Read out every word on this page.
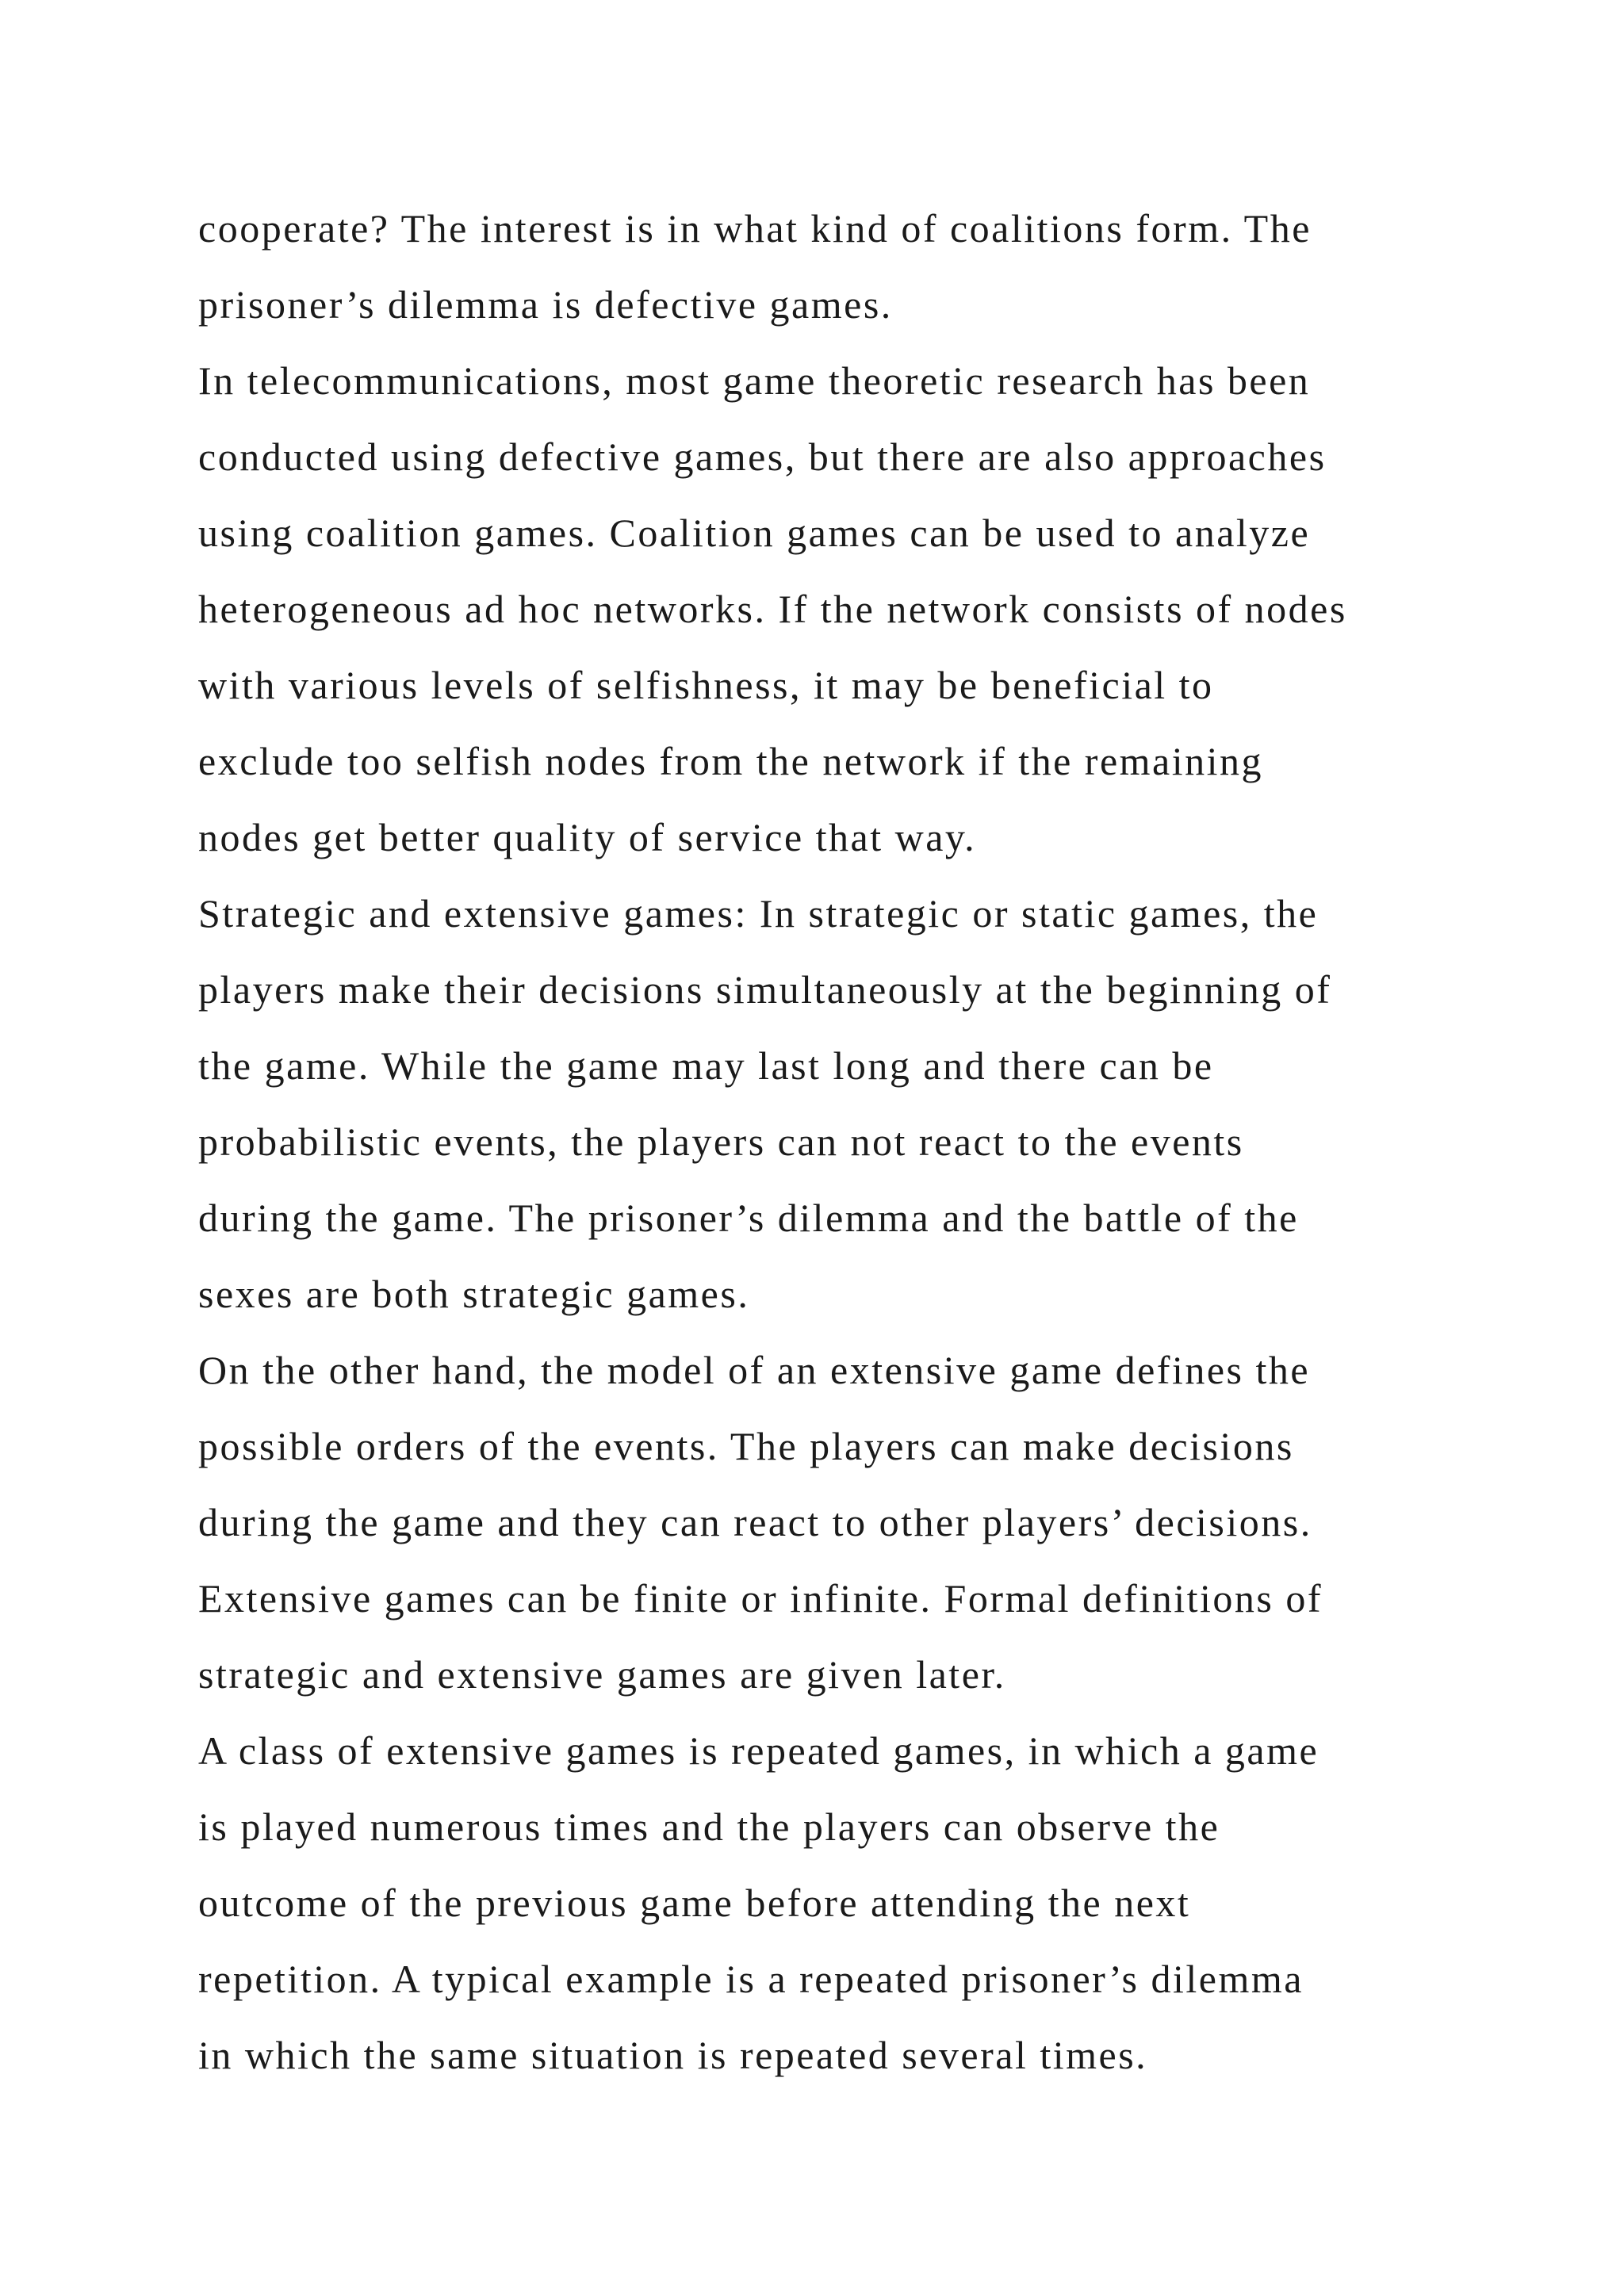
cooperate? The interest is in what kind of coalitions form. The
prisoner’s dilemma is defective games.
In telecommunications, most game theoretic research has been
conducted using defective games, but there are also approaches
using coalition games. Coalition games can be used to analyze
heterogeneous ad hoc networks. If the network consists of nodes
with various levels of selfishness, it may be beneficial to
exclude too selfish nodes from the network if the remaining
nodes get better quality of service that way.
Strategic and extensive games: In strategic or static games, the
players make their decisions simultaneously at the beginning of
the game. While the game may last long and there can be
probabilistic events, the players can not react to the events
during the game. The prisoner’s dilemma and the battle of the
sexes are both strategic games.
On the other hand, the model of an extensive game defines the
possible orders of the events. The players can make decisions
during the game and they can react to other players’ decisions.
Extensive games can be finite or infinite. Formal definitions of
strategic and extensive games are given later.
A class of extensive games is repeated games, in which a game
is played numerous times and the players can observe the
outcome of the previous game before attending the next
repetition. A typical example is a repeated prisoner’s dilemma
in which the same situation is repeated several times.
